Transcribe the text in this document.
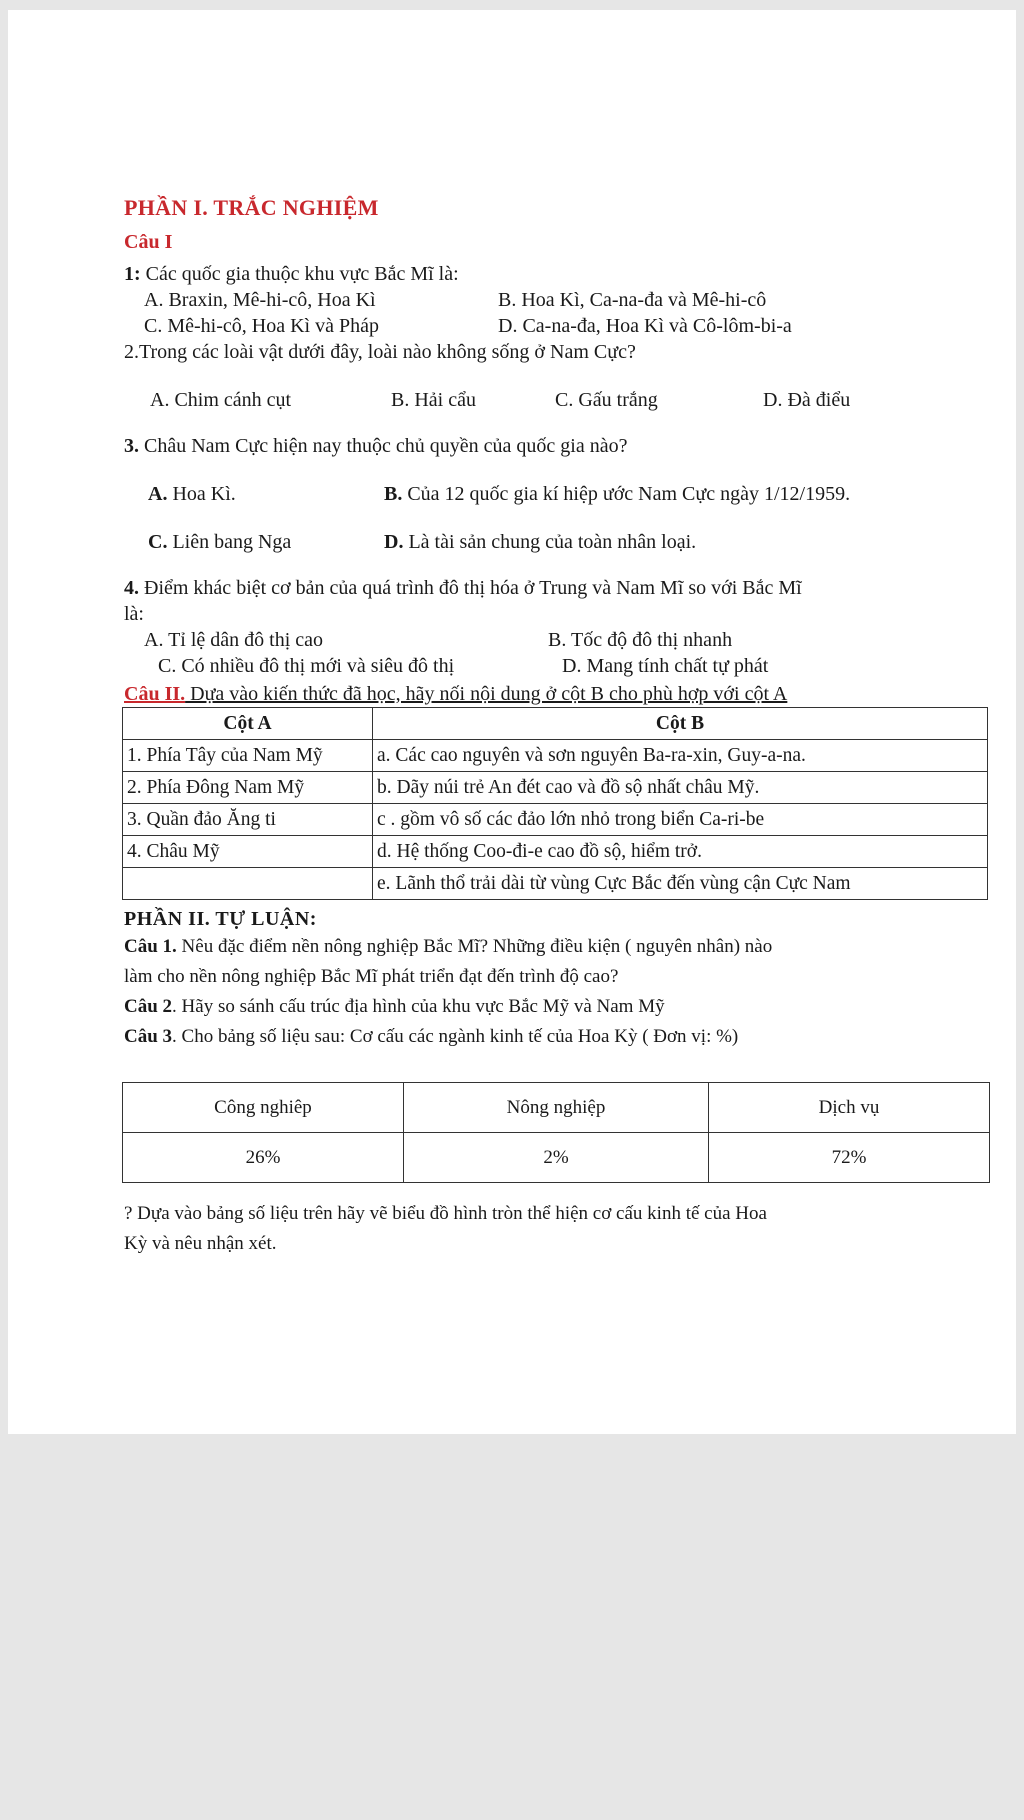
PHẦN I. TRẮC NGHIỆM
Câu I

1: Các quốc gia thuộc khu vực Bắc Mĩ là:

A. Braxin, Mê-hi-cô, Hoa Kì	B. Hoa Kì, Ca-na-đa và Mê-hi-cô
C. Mê-hi-cô, Hoa Kì và Pháp	D. Ca-na-đa, Hoa Kì và Cô-lôm-bi-a

2.Trong các loài vật dưới đây, loài nào không sống ở Nam Cực?

A. Chim cánh cụt	B. Hải cẩu	C. Gấu trắng	D. Đà điểu

3. Châu Nam Cực hiện nay thuộc chủ quyền của quốc gia nào?

A. Hoa Kì.	B. Của 12 quốc gia kí hiệp ước Nam Cực ngày 1/12/1959.
C. Liên bang Nga	D. Là tài sản chung của toàn nhân loại.

4. Điểm khác biệt cơ bản của quá trình đô thị hóa ở Trung và Nam Mĩ so với Bắc Mĩ

là:

A. Tỉ lệ dân đô thị cao	B. Tốc độ đô thị nhanh
C. Có nhiều đô thị mới và siêu đô thị	D. Mang tính chất tự phát

Câu II. Dựa vào kiến thức đã học, hãy nối nội dung ở cột B cho phù hợp với cột A

Cột A	Cột B
1. Phía Tây của Nam Mỹ	a. Các cao nguyên và sơn nguyên Ba-ra-xin, Guy-a-na.
2. Phía Đông Nam Mỹ	b. Dãy núi trẻ An đét cao và đồ sộ nhất châu Mỹ.
3. Quần đảo Ăng ti	c . gồm vô số các đảo lớn nhỏ trong biển Ca-ri-be
4. Châu Mỹ	d. Hệ thống Coo-đi-e cao đồ sộ, hiểm trở.
	e. Lãnh thổ trải dài từ vùng Cực Bắc đến vùng cận Cực Nam

PHẦN II. TỰ LUẬN:

Câu 1. Nêu đặc điểm nền nông nghiệp Bắc Mĩ? Những điều kiện ( nguyên nhân) nào

làm cho nền nông nghiệp Bắc Mĩ phát triển đạt đến trình độ cao?

Câu 2. Hãy so sánh cấu trúc địa hình của khu vực Bắc Mỹ và Nam Mỹ

Câu 3. Cho bảng số liệu sau: Cơ cấu các ngành kinh tế của Hoa Kỳ ( Đơn vị: %)

Công nghiêp	Nông nghiệp	Dịch vụ
26%	2%	72%

? Dựa vào bảng số liệu trên hãy vẽ biểu đồ hình tròn thể hiện cơ cấu kinh tế của Hoa

Kỳ và nêu nhận xét.
